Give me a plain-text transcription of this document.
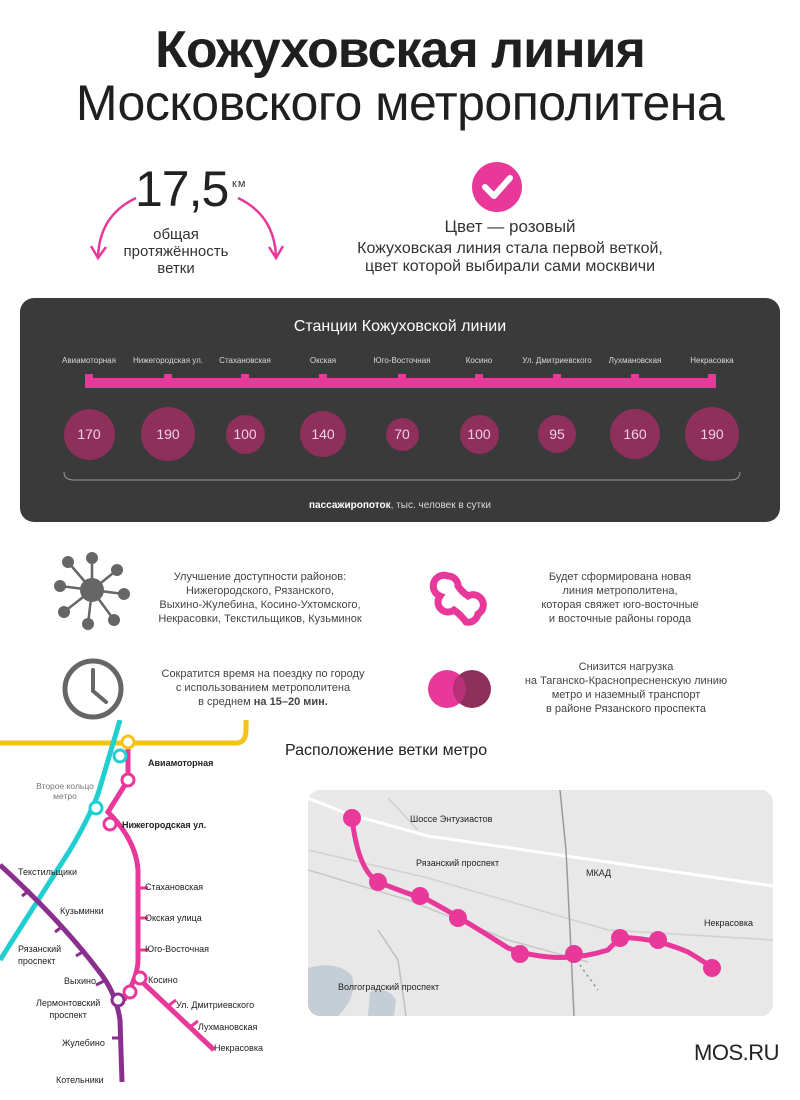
Кожуховская линия
Московского метрополитена
17,5 км
общая
протяжённость
ветки
Цвет — розовый
Кожуховская линия стала первой веткой,
цвет которой выбирали сами москвичи
Станции Кожуховской линии
Авиамоторная
170
Нижегородская ул.
190
Стахановская
100
Окская
140
Юго-Восточная
70
Косино
100
Ул. Дмитриевского
95
Лухмановская
160
Некрасовка
190
пассажиропоток, тыс. человек в сутки
Улучшение доступности районов:
Нижегородского, Рязанского,
Выхино-Жулебина, Косино-Ухтомского,
Некрасовки, Текстильщиков, Кузьминок
Будет сформирована новая
линия метрополитена,
которая свяжет юго-восточные
и восточные районы города
Сократится время на поездку по городу
с использованием метрополитена
в среднем на 15–20 мин.
Снизится нагрузка
на Таганско-Краснопресненскую линию
метро и наземный транспорт
в районе Рязанского проспекта
Авиамоторная
Второе кольцо
метро
Нижегородская ул.
Стахановская
Окская улица
Юго-Восточная
Косино
Ул. Дмитриевского
Лухмановская
Некрасовка
Текстильщики
Кузьминки
Рязанский
проспект
Выхино
Лермонтовский
проспект
Жулебино
Котельники
Расположение ветки метро
Шоссе Энтузиастов
Рязанский проспект
МКАД
Некрасовка
Волгоградский проспект
MOS.RU
